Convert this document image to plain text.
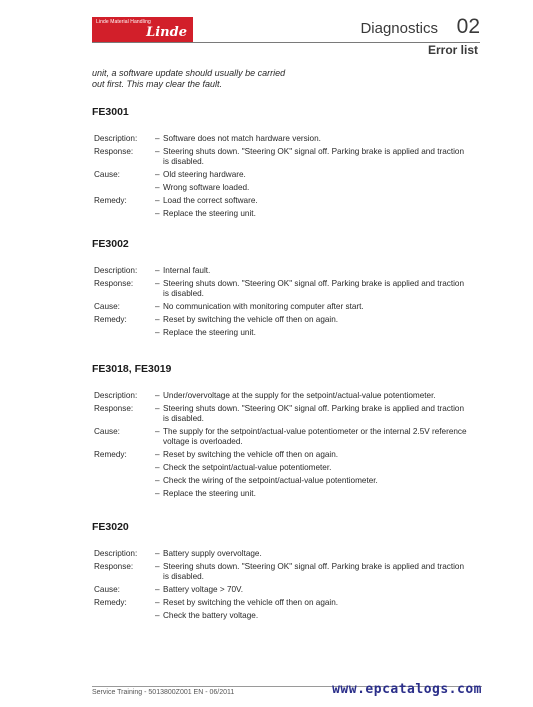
Linde Material Handling
Linde	Diagnostics 02
Error list
unit, a software update should usually be carried
out first. This may clear the fault.
FE3001
Description:	– Software does not match hardware version.
Response:	– Steering shuts down. "Steering OK" signal off. Parking brake is applied and traction
is disabled.
Cause:	– Old steering hardware.
– Wrong software loaded.
Remedy:	– Load the correct software.
– Replace the steering unit.
FE3002
Description:	– Internal fault.
Response:	– Steering shuts down. "Steering OK" signal off. Parking brake is applied and traction
is disabled.
Cause:	– No communication with monitoring computer after start.
Remedy:	– Reset by switching the vehicle off then on again.
– Replace the steering unit.
FE3018, FE3019
Description:	– Under/overvoltage at the supply for the setpoint/actual-value potentiometer.
Response:	– Steering shuts down. "Steering OK" signal off. Parking brake is applied and traction
is disabled.
Cause:	– The supply for the setpoint/actual-value potentiometer or the internal 2.5V reference
voltage is overloaded.
Remedy:	– Reset by switching the vehicle off then on again.
– Check the setpoint/actual-value potentiometer.
– Check the wiring of the setpoint/actual-value potentiometer.
– Replace the steering unit.
FE3020
Description:	– Battery supply overvoltage.
Response:	– Steering shuts down. "Steering OK" signal off. Parking brake is applied and traction
is disabled.
Cause:	– Battery voltage > 70V.
Remedy:	– Reset by switching the vehicle off then on again.
– Check the battery voltage.
Service Training - 5013800Z001 EN - 06/2011	www.epcatalogs.com
